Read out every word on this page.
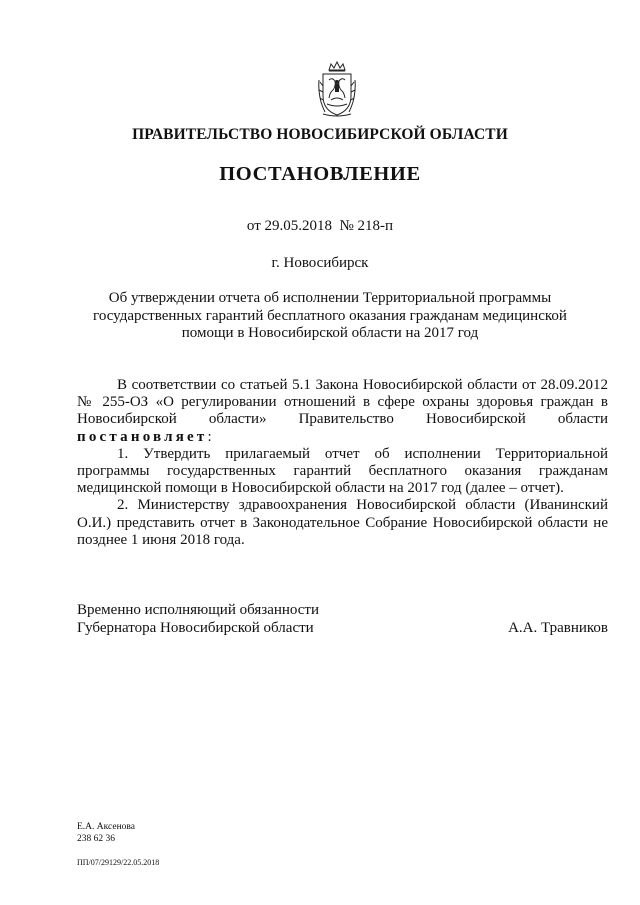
ПРАВИТЕЛЬСТВО НОВОСИБИРСКОЙ ОБЛАСТИ
ПОСТАНОВЛЕНИЕ
от 29.05.2018 № 218-п
г. Новосибирск
Об утверждении отчета об исполнении Территориальной программы
государственных гарантий бесплатного оказания гражданам медицинской
помощи в Новосибирской области на 2017 год

В соответствии со статьей 5.1 Закона Новосибирской области от 28.09.2012 № 255-ОЗ «О регулировании отношений в сфере охраны здоровья граждан в Новосибирской области» Правительство Новосибирской области постановляет:

1. Утвердить прилагаемый отчет об исполнении Территориальной программы государственных гарантий бесплатного оказания гражданам медицинской помощи в Новосибирской области на 2017 год (далее – отчет).

2. Министерству здравоохранения Новосибирской области (Иванинский О.И.) представить отчет в Законодательное Собрание Новосибирской области не позднее 1 июня 2018 года.

Временно исполняющий обязанности
Губернатора Новосибирской области	А.А. Травников
Е.А. Аксенова
238 62 36
ПП/07/29129/22.05.2018
